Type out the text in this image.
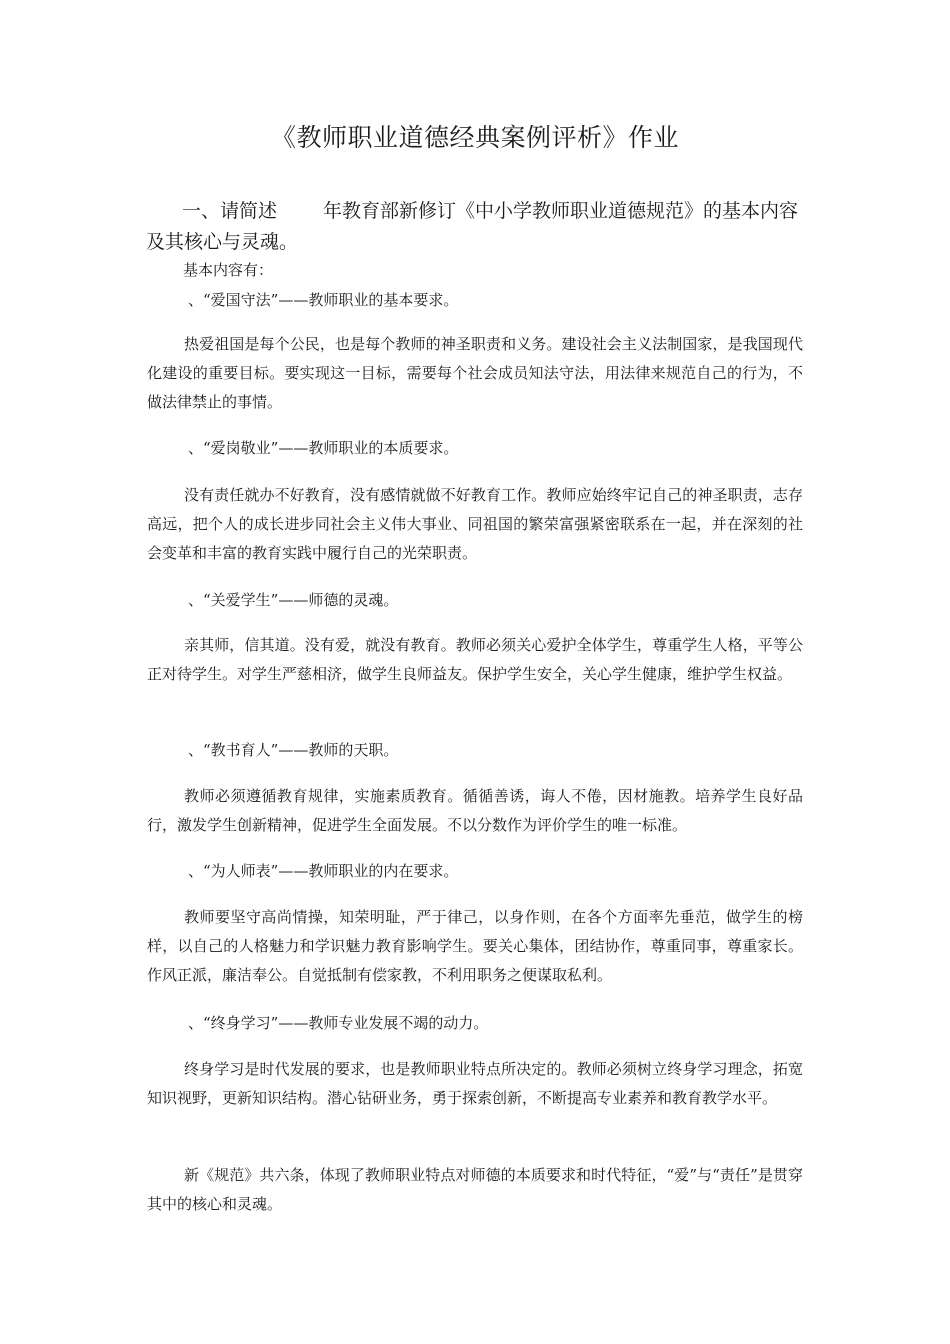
《教师职业道德经典案例评析》作业
一、请简述 年教育部新修订《中小学教师职业道德规范》的基本内容及其核心与灵魂。
基本内容有：
、“爱国守法”——教师职业的基本要求。
热爱祖国是每个公民，也是每个教师的神圣职责和义务。建设社会主义法制国家，是我国现代化建设的重要目标。要实现这一目标，需要每个社会成员知法守法，用法律来规范自己的行为，不做法律禁止的事情。
、“爱岗敬业”——教师职业的本质要求。
没有责任就办不好教育，没有感情就做不好教育工作。教师应始终牢记自己的神圣职责，志存高远，把个人的成长进步同社会主义伟大事业、同祖国的繁荣富强紧密联系在一起，并在深刻的社会变革和丰富的教育实践中履行自己的光荣职责。
、“关爱学生”——师德的灵魂。
亲其师，信其道。没有爱，就没有教育。教师必须关心爱护全体学生，尊重学生人格，平等公正对待学生。对学生严慈相济，做学生良师益友。保护学生安全，关心学生健康，维护学生权益。
、“教书育人”——教师的天职。
教师必须遵循教育规律，实施素质教育。循循善诱，诲人不倦，因材施教。培养学生良好品行，激发学生创新精神，促进学生全面发展。不以分数作为评价学生的唯一标准。
、“为人师表”——教师职业的内在要求。
教师要坚守高尚情操，知荣明耻，严于律己，以身作则，在各个方面率先垂范，做学生的榜样，以自己的人格魅力和学识魅力教育影响学生。要关心集体，团结协作，尊重同事，尊重家长。作风正派，廉洁奉公。自觉抵制有偿家教，不利用职务之便谋取私利。
、“终身学习”——教师专业发展不竭的动力。
终身学习是时代发展的要求，也是教师职业特点所决定的。教师必须树立终身学习理念，拓宽知识视野，更新知识结构。潜心钻研业务，勇于探索创新，不断提高专业素养和教育教学水平。
新《规范》共六条，体现了教师职业特点对师德的本质要求和时代特征，“爱”与“责任”是贯穿其中的核心和灵魂。
